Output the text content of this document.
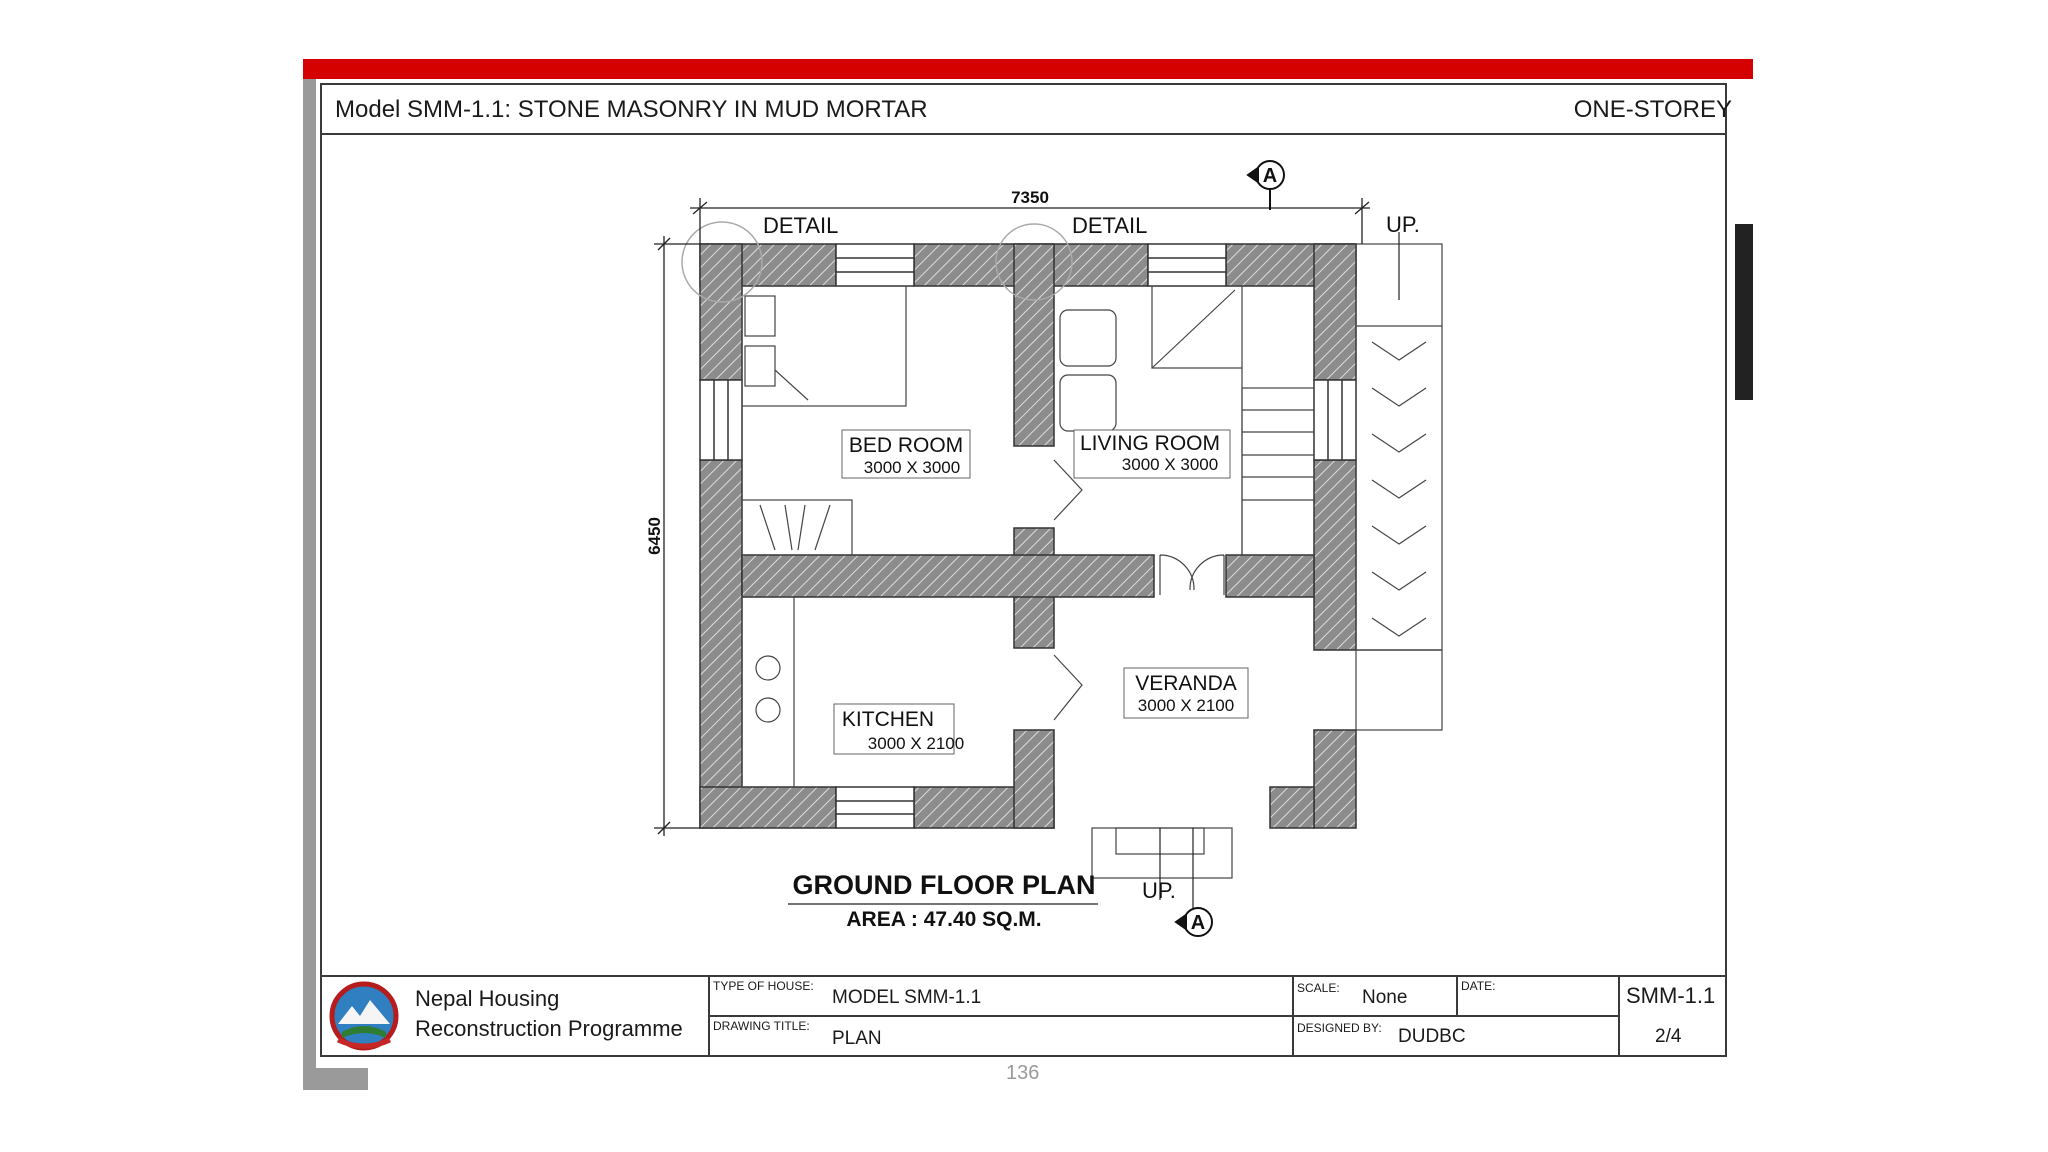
Model SMM-1.1: STONE MASONRY IN MUD MORTAR	ONE-STOREY
7350
6450
A
A
DETAIL	DETAIL	UP.
UP.
BED ROOM
3000 X 3000
LIVING ROOM
3000 X 3000
KITCHEN
3000 X 2100
VERANDA
3000 X 2100
GROUND FLOOR PLAN
AREA : 47.40 SQ.M.
Nepal Housing
Reconstruction Programme
TYPE OF HOUSE:
MODEL SMM-1.1
DRAWING TITLE:
PLAN
SCALE: None
DATE:
DESIGNED BY: DUDBC
SMM-1.1
2/4
136
